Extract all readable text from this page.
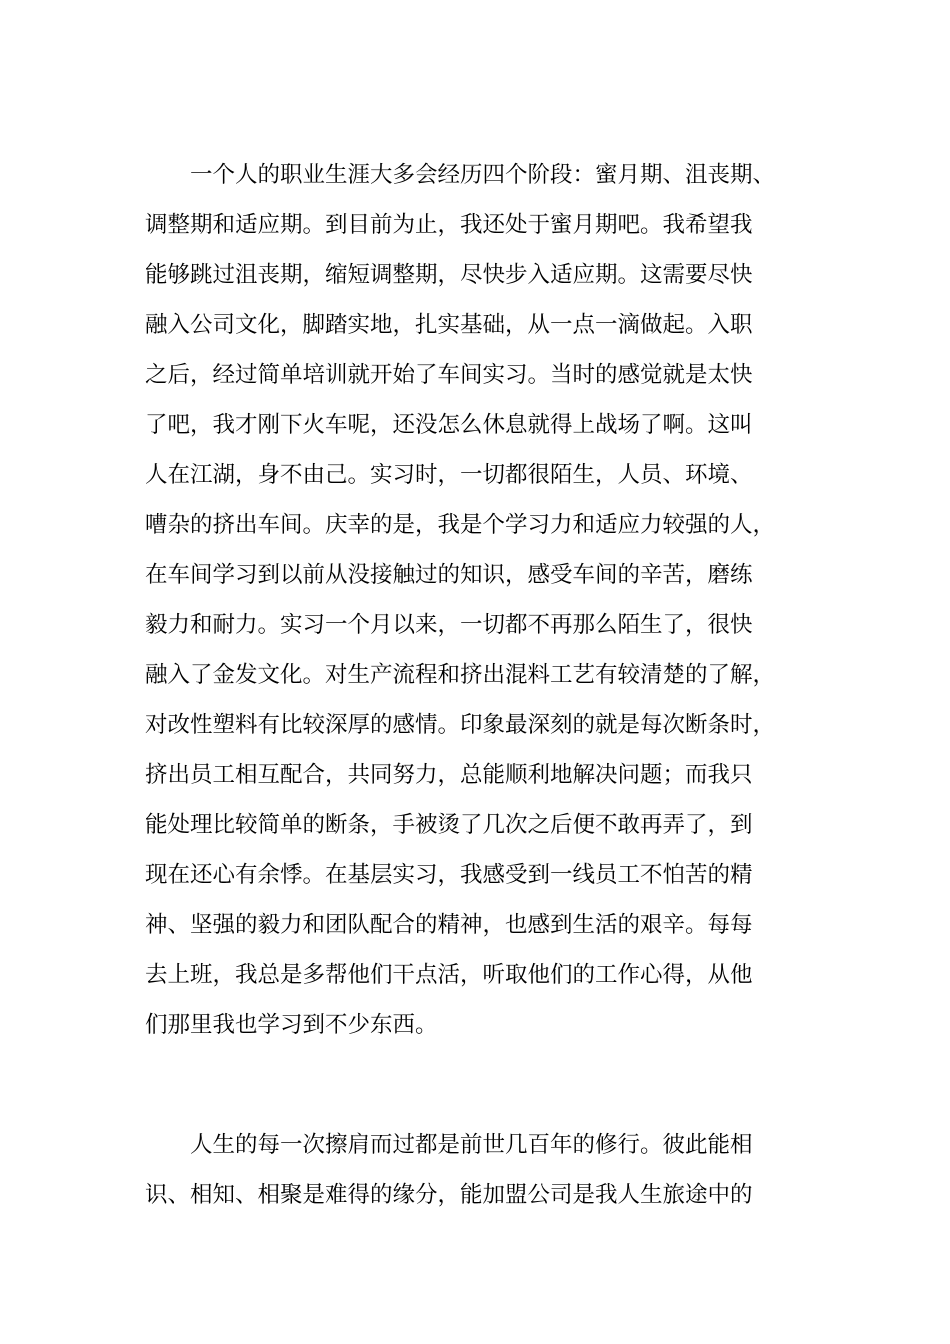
一个人的职业生涯大多会经历四个阶段：蜜月期、沮丧期、
调整期和适应期。到目前为止，我还处于蜜月期吧。我希望我
能够跳过沮丧期，缩短调整期，尽快步入适应期。这需要尽快
融入公司文化，脚踏实地，扎实基础，从一点一滴做起。入职
之后，经过简单培训就开始了车间实习。当时的感觉就是太快
了吧，我才刚下火车呢，还没怎么休息就得上战场了啊。这叫
人在江湖，身不由己。实习时，一切都很陌生，人员、环境、
嘈杂的挤出车间。庆幸的是，我是个学习力和适应力较强的人，
在车间学习到以前从没接触过的知识，感受车间的辛苦，磨练
毅力和耐力。实习一个月以来，一切都不再那么陌生了，很快
融入了金发文化。对生产流程和挤出混料工艺有较清楚的了解，
对改性塑料有比较深厚的感情。印象最深刻的就是每次断条时，
挤出员工相互配合，共同努力，总能顺利地解决问题；而我只
能处理比较简单的断条，手被烫了几次之后便不敢再弄了，到
现在还心有余悸。在基层实习，我感受到一线员工不怕苦的精
神、坚强的毅力和团队配合的精神，也感到生活的艰辛。每每
去上班，我总是多帮他们干点活，听取他们的工作心得，从他
们那里我也学习到不少东西。
人生的每一次擦肩而过都是前世几百年的修行。彼此能相
识、相知、相聚是难得的缘分，能加盟公司是我人生旅途中的
